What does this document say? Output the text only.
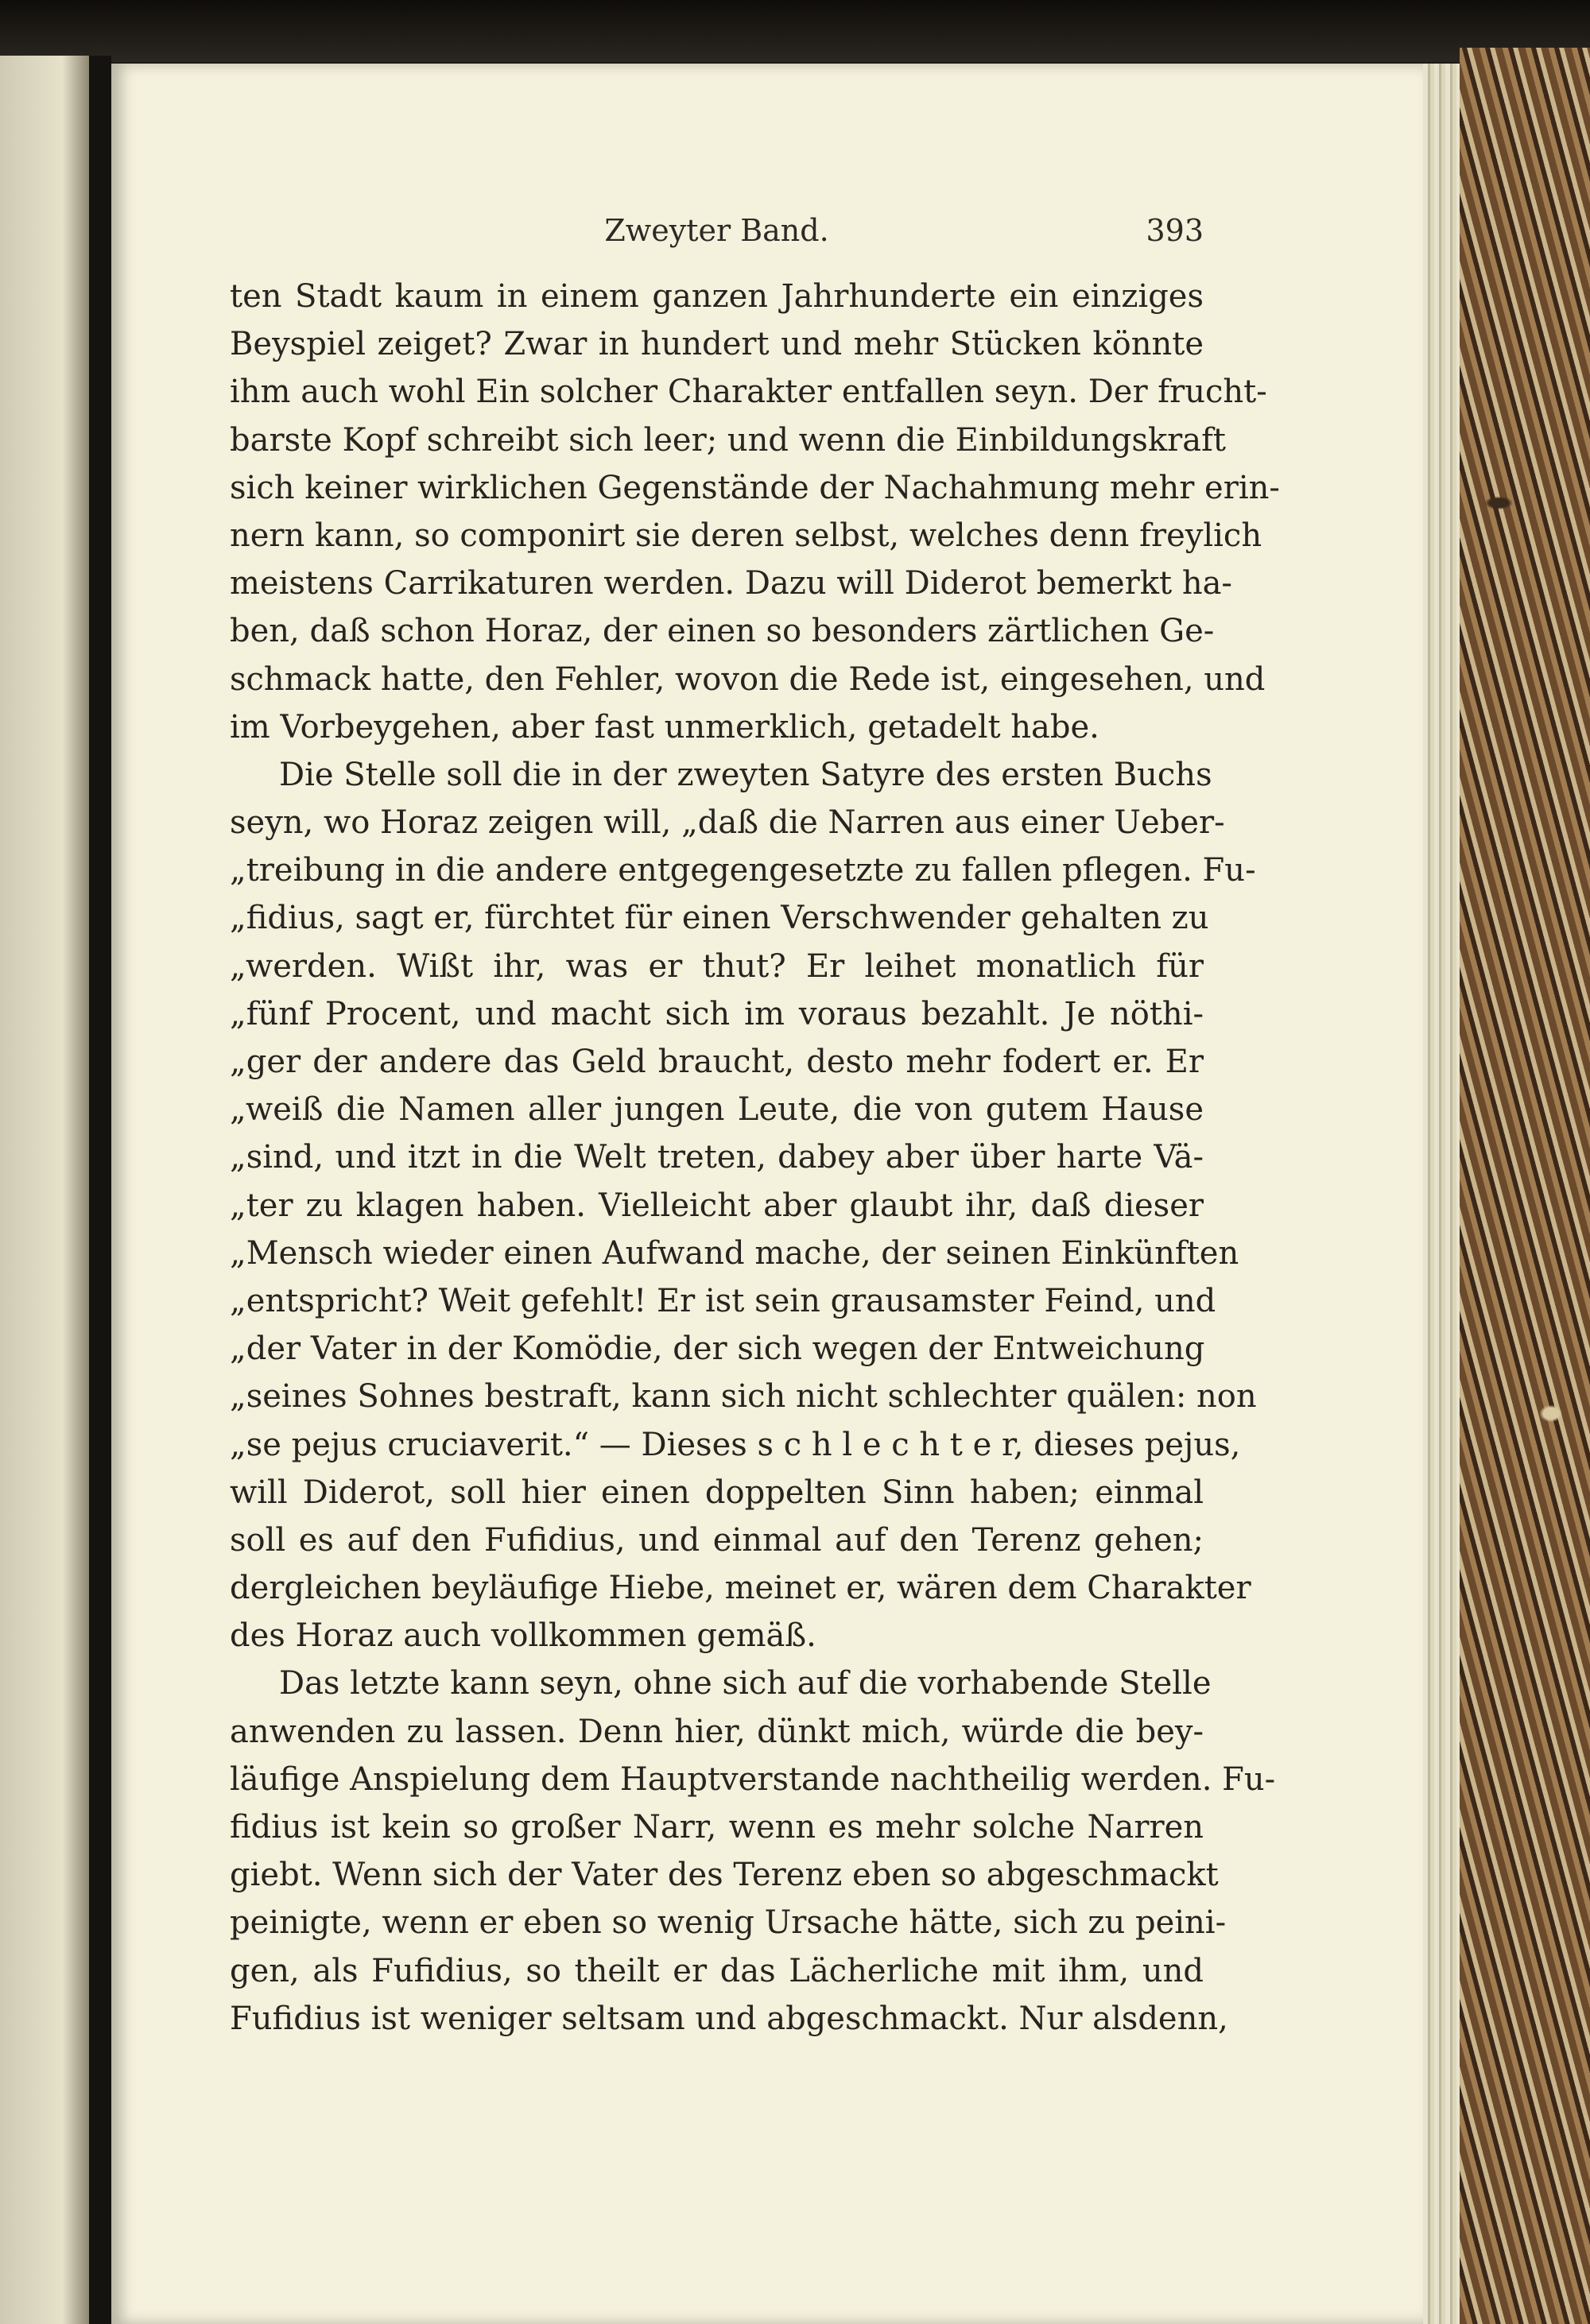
Zweyter Band.	393
ten Stadt kaum in einem ganzen Jahrhunderte ein einziges
Beyspiel zeiget? Zwar in hundert und mehr Stücken könnte
ihm auch wohl Ein solcher Charakter entfallen seyn. Der frucht-
barste Kopf schreibt sich leer; und wenn die Einbildungskraft
sich keiner wirklichen Gegenstände der Nachahmung mehr erin-
nern kann, so componirt sie deren selbst, welches denn freylich
meistens Carrikaturen werden. Dazu will Diderot bemerkt ha-
ben, daß schon Horaz, der einen so besonders zärtlichen Ge-
schmack hatte, den Fehler, wovon die Rede ist, eingesehen, und
im Vorbeygehen, aber fast unmerklich, getadelt habe.
Die Stelle soll die in der zweyten Satyre des ersten Buchs
seyn, wo Horaz zeigen will, „daß die Narren aus einer Ueber-
„treibung in die andere entgegengesetzte zu fallen pflegen. Fu-
„fidius, sagt er, fürchtet für einen Verschwender gehalten zu
„werden. Wißt ihr, was er thut? Er leihet monatlich für
„fünf Procent, und macht sich im voraus bezahlt. Je nöthi-
„ger der andere das Geld braucht, desto mehr fodert er. Er
„weiß die Namen aller jungen Leute, die von gutem Hause
„sind, und itzt in die Welt treten, dabey aber über harte Vä-
„ter zu klagen haben. Vielleicht aber glaubt ihr, daß dieser
„Mensch wieder einen Aufwand mache, der seinen Einkünften
„entspricht? Weit gefehlt! Er ist sein grausamster Feind, und
„der Vater in der Komödie, der sich wegen der Entweichung
„seines Sohnes bestraft, kann sich nicht schlechter quälen: non
„se pejus cruciaverit.“ — Dieses s c h l e c h t e r, dieses pejus,
will Diderot, soll hier einen doppelten Sinn haben; einmal
soll es auf den Fufidius, und einmal auf den Terenz gehen;
dergleichen beyläufige Hiebe, meinet er, wären dem Charakter
des Horaz auch vollkommen gemäß.
Das letzte kann seyn, ohne sich auf die vorhabende Stelle
anwenden zu lassen. Denn hier, dünkt mich, würde die bey-
läufige Anspielung dem Hauptverstande nachtheilig werden. Fu-
fidius ist kein so großer Narr, wenn es mehr solche Narren
giebt. Wenn sich der Vater des Terenz eben so abgeschmackt
peinigte, wenn er eben so wenig Ursache hätte, sich zu peini-
gen, als Fufidius, so theilt er das Lächerliche mit ihm, und
Fufidius ist weniger seltsam und abgeschmackt. Nur alsdenn,
